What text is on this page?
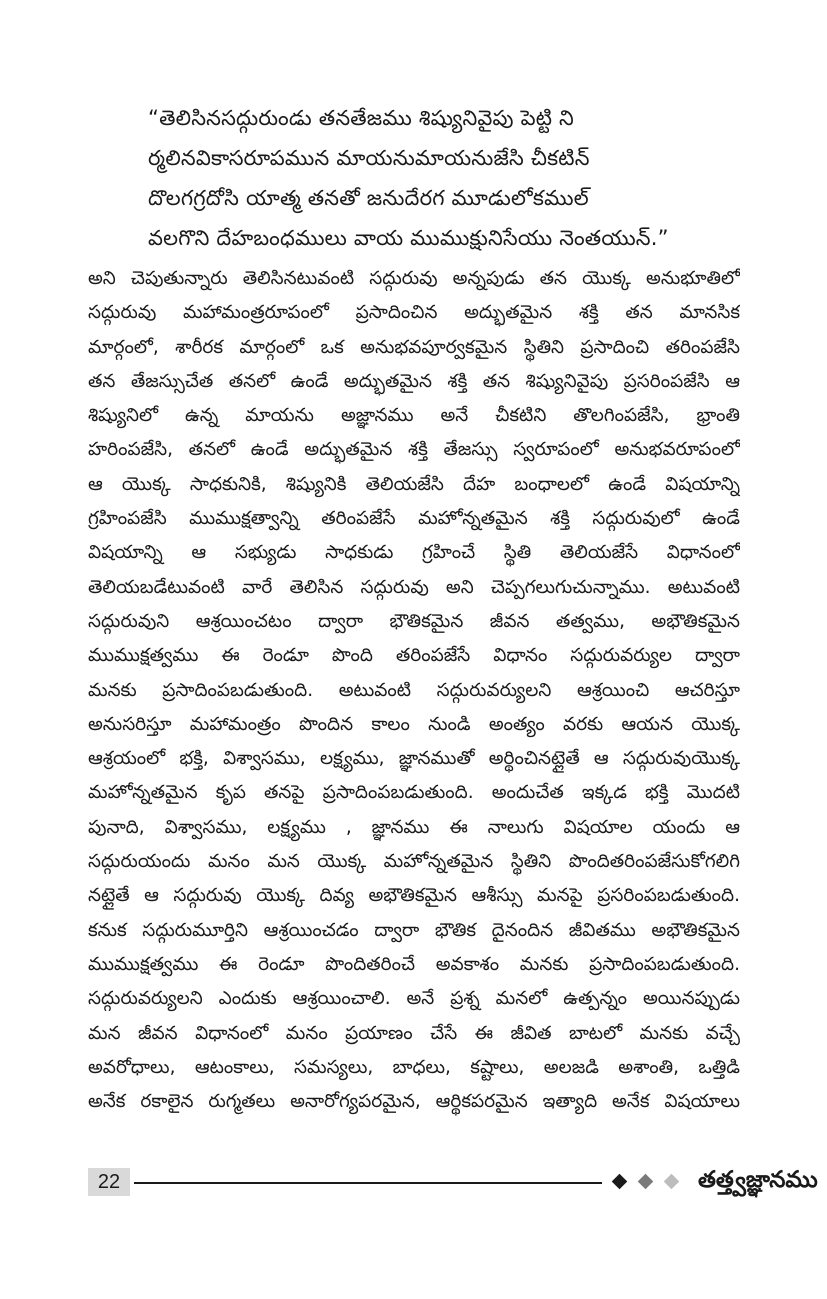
“తెలిసినసద్గురుండు తనతేజము శిష్యునివైపు పెట్టి ని
ర్మలినవికాసరూపమున మాయనుమాయనుజేసి చీకటిన్
దొలగగ్రదోసి యాత్మ తనతో జనుదేరగ మూడులోకముల్
వలగొని దేహబంధములు వాయ ముముక్షునిసేయు నెంతయున్.”
అని చెపుతున్నారు తెలిసినటువంటి సద్గురువు అన్నపుడు తన యొక్క అనుభూతిలో
సద్గురువు మహామంత్రరూపంలో ప్రసాదించిన అద్భుతమైన శక్తి తన మానసిక
మార్గంలో, శారీరక మార్గంలో ఒక అనుభవపూర్వకమైన స్థితిని ప్రసాదించి తరింపజేసి
తన తేజస్సుచేత తనలో ఉండే అద్భుతమైన శక్తి తన శిష్యునివైపు ప్రసరింపజేసి ఆ
శిష్యునిలో ఉన్న మాయను అజ్ఞానము అనే చీకటిని తొలగింపజేసి, భ్రాంతి
హరింపజేసి, తనలో ఉండే అద్భుతమైన శక్తి తేజస్సు స్వరూపంలో అనుభవరూపంలో
ఆ యొక్క సాధకునికి, శిష్యునికి తెలియజేసి దేహ బంధాలలో ఉండే విషయాన్ని
గ్రహింపజేసి ముముక్షత్వాన్ని తరింపజేసే మహోన్నతమైన శక్తి సద్గురువులో ఉండే
విషయాన్ని ఆ సభ్యుడు సాధకుడు గ్రహించే స్థితి తెలియజేసే విధానంలో
తెలియబడేటువంటి వారే తెలిసిన సద్గురువు అని చెప్పగలుగుచున్నాము. అటువంటి
సద్గురువుని ఆశ్రయించటం ద్వారా భౌతికమైన జీవన తత్వము, అభౌతికమైన
ముముక్షత్వము ఈ రెండూ పొంది తరింపజేసే విధానం సద్గురువర్యుల ద్వారా
మనకు ప్రసాదింపబడుతుంది. అటువంటి సద్గురువర్యులని ఆశ్రయించి ఆచరిస్తూ
అనుసరిస్తూ మహామంత్రం పొందిన కాలం నుండి అంత్యం వరకు ఆయన యొక్క
ఆశ్రయంలో భక్తి, విశ్వాసము, లక్ష్యము, జ్ఞానముతో అర్థించినట్లైతే ఆ సద్గురువుయొక్క
మహోన్నతమైన కృప తనపై ప్రసాదింపబడుతుంది. అందుచేత ఇక్కడ భక్తి మొదటి
పునాది, విశ్వాసము, లక్ష్యము , జ్ఞానము ఈ నాలుగు విషయాల యందు ఆ
సద్గురుయందు మనం మన యొక్క మహోన్నతమైన స్థితిని పొందితరింపజేసుకోగలిగి
నట్లైతే ఆ సద్గురువు యొక్క దివ్య అభౌతికమైన ఆశీస్సు మనపై ప్రసరింపబడుతుంది.
కనుక సద్గురుమూర్తిని ఆశ్రయించడం ద్వారా భౌతిక దైనందిన జీవితము అభౌతికమైన
ముముక్షత్వము ఈ రెండూ పొందితరించే అవకాశం మనకు ప్రసాదింపబడుతుంది.
సద్గురువర్యులని ఎందుకు ఆశ్రయించాలి. అనే ప్రశ్న మనలో ఉత్పన్నం అయినప్పుడు
మన జీవన విధానంలో మనం ప్రయాణం చేసే ఈ జీవిత బాటలో మనకు వచ్చే
అవరోధాలు, ఆటంకాలు, సమస్యలు, బాధలు, కష్టాలు, అలజడి అశాంతి, ఒత్తిడి
అనేక రకాలైన రుగ్మతలు అనారోగ్యపరమైన, ఆర్థికపరమైన ఇత్యాది అనేక విషయాలు
22	తత్త్వజ్ఞానము
